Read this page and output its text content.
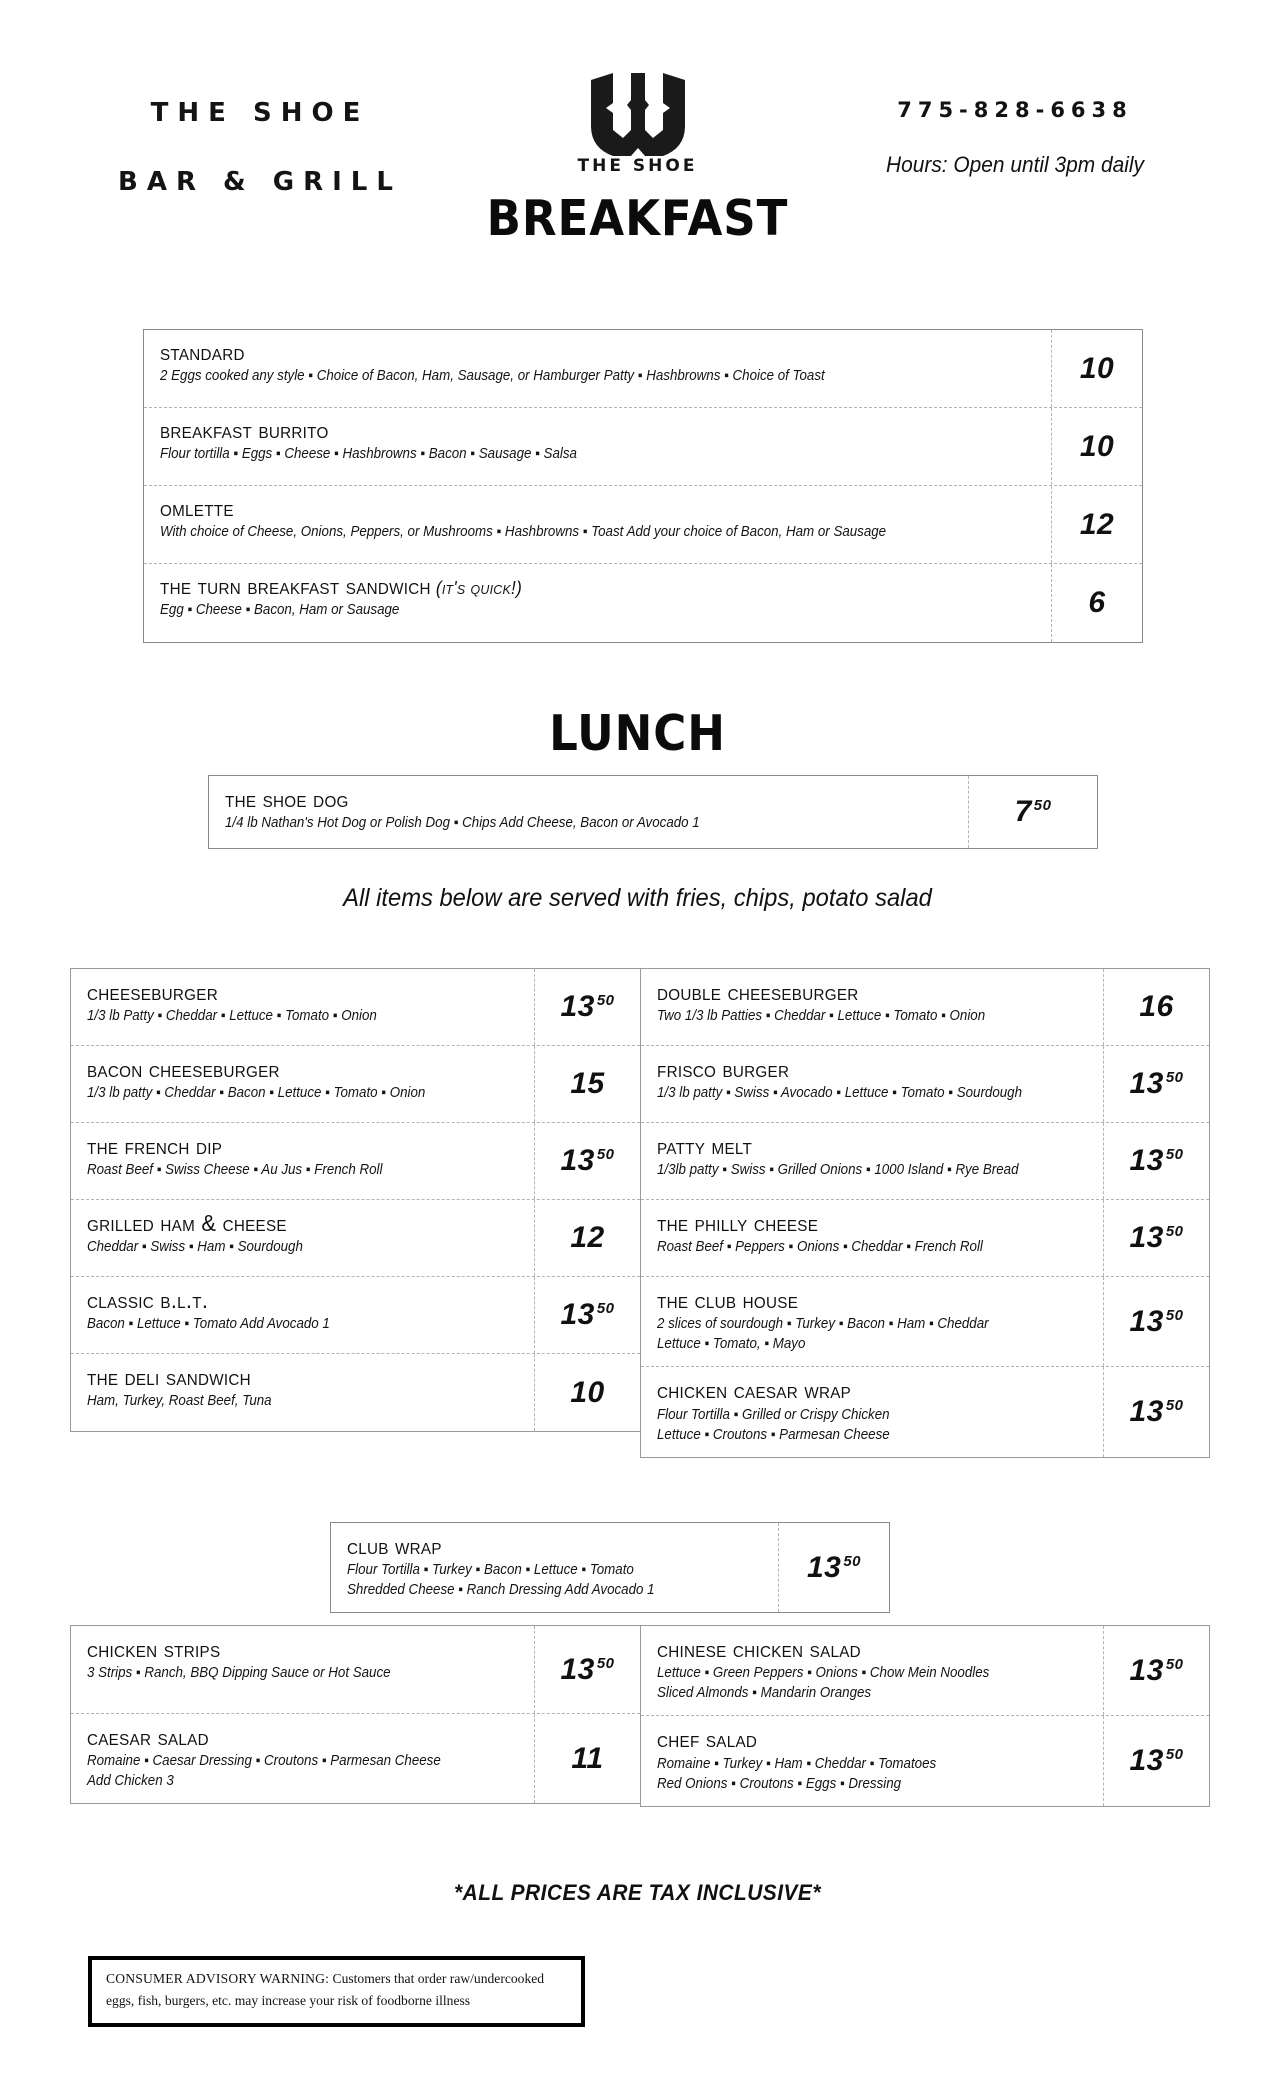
THE SHOE
BAR & GRILL
THE SHOE
BREAKFAST
775-828-6638
Hours: Open until 3pm daily
standard
2 Eggs cooked any style ▪ Choice of Bacon, Ham, Sausage, or Hamburger Patty ▪ Hashbrowns ▪ Choice of Toast	10
breakfast burrito
Flour tortilla ▪ Eggs ▪ Cheese ▪ Hashbrowns ▪ Bacon ▪ Sausage ▪ Salsa	10
omlette
With choice of Cheese, Onions, Peppers, or Mushrooms ▪ Hashbrowns ▪ Toast Add your choice of Bacon, Ham or Sausage	12
the turn breakfast sandwich (it's quick!)
Egg ▪ Cheese ▪ Bacon, Ham or Sausage	6
LUNCH
the shoe dog
1/4 lb Nathan's Hot Dog or Polish Dog ▪ Chips Add Cheese, Bacon or Avocado 1	7 $^{50}$
All items below are served with fries, chips, potato salad
cheeseburger
1/3 lb Patty ▪ Cheddar ▪ Lettuce ▪ Tomato ▪ Onion	13 $^{50}$
bacon cheeseburger
1/3 lb patty ▪ Cheddar ▪ Bacon ▪ Lettuce ▪ Tomato ▪ Onion	15
the french dip
Roast Beef ▪ Swiss Cheese ▪ Au Jus ▪ French Roll	13 $^{50}$
grilled ham & cheese
Cheddar ▪ Swiss ▪ Ham ▪ Sourdough	12
classic b.l.t.
Bacon ▪ Lettuce ▪ Tomato Add Avocado 1	13 $^{50}$
the deli sandwich
Ham, Turkey, Roast Beef, Tuna	10
double cheeseburger
Two 1/3 lb Patties ▪ Cheddar ▪ Lettuce ▪ Tomato ▪ Onion	16
frisco burger
1/3 lb patty ▪ Swiss ▪ Avocado ▪ Lettuce ▪ Tomato ▪ Sourdough	13 $^{50}$
patty melt
1/3lb patty ▪ Swiss ▪ Grilled Onions ▪ 1000 Island ▪ Rye Bread	13 $^{50}$
the philly cheese
Roast Beef ▪ Peppers ▪ Onions ▪ Cheddar ▪ French Roll	13 $^{50}$
the club house
2 slices of sourdough ▪ Turkey ▪ Bacon ▪ Ham ▪ Cheddar
Lettuce ▪ Tomato, ▪ Mayo
13 $^{50}$
chicken caesar wrap
Flour Tortilla ▪ Grilled or Crispy Chicken
Lettuce ▪ Croutons ▪ Parmesan Cheese
13 $^{50}$
club wrap
Flour Tortilla ▪ Turkey ▪ Bacon ▪ Lettuce ▪ Tomato
Shredded Cheese ▪ Ranch Dressing Add Avocado 1
13 $^{50}$
chicken strips
3 Strips ▪ Ranch, BBQ Dipping Sauce or Hot Sauce	13 $^{50}$
caesar salad
Romaine ▪ Caesar Dressing ▪ Croutons ▪ Parmesan Cheese
Add Chicken 3
11
chinese chicken salad
Lettuce ▪ Green Peppers ▪ Onions ▪ Chow Mein Noodles
Sliced Almonds ▪ Mandarin Oranges
13 $^{50}$
chef salad
Romaine ▪ Turkey ▪ Ham ▪ Cheddar ▪ Tomatoes
Red Onions ▪ Croutons ▪ Eggs ▪ Dressing
13 $^{50}$
*ALL PRICES ARE TAX INCLUSIVE*

CONSUMER ADVISORY WARNING: Customers that order raw/undercooked eggs, fish, burgers, etc. may increase your risk of foodborne illness
